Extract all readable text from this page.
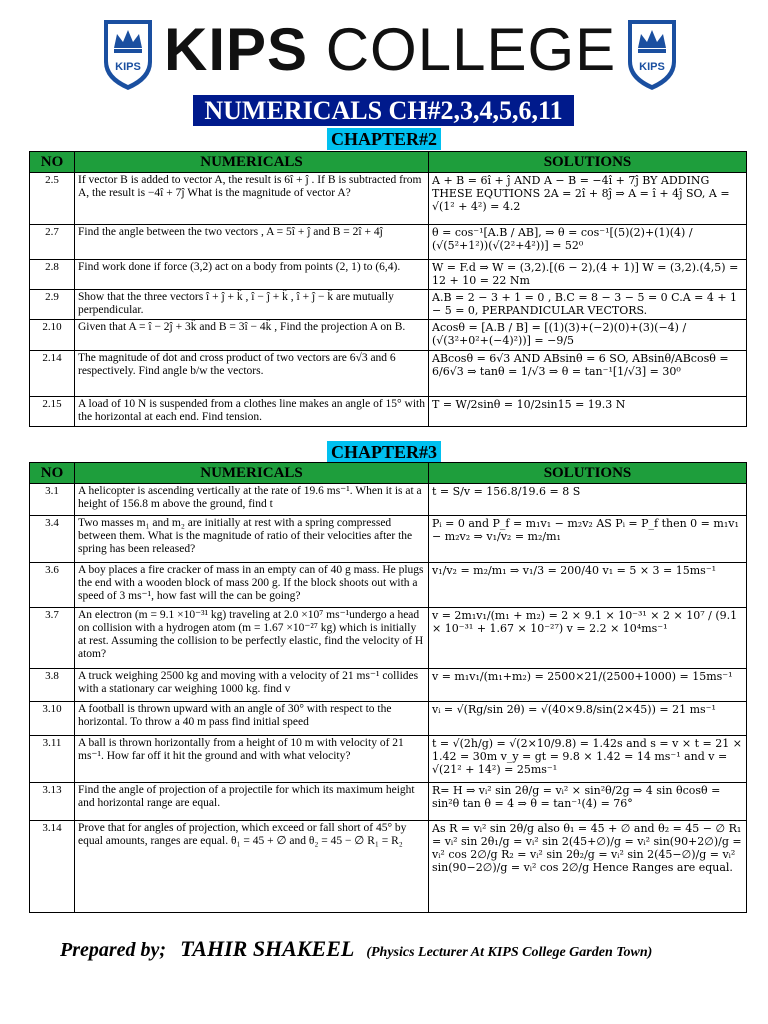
KIPS KIPS COLLEGE KIPS
NUMERICALS CH#2,3,4,5,6,11
CHAPTER#2
NO	NUMERICALS	SOLUTIONS
2.5	If vector B is added to vector A, the result is 6î + ĵ . If B is subtracted from A, the result is −4î + 7ĵ What is the magnitude of vector A?	A + B = 6î + ĵ AND A − B = −4î + 7ĵ BY ADDING THESE EQUTIONS 2A = 2î + 8ĵ ⇒ A = î + 4ĵ SO, A = √(1² + 4²) = 4.2
2.7	Find the angle between the two vectors , A = 5î + ĵ and B = 2î + 4ĵ	θ = cos⁻¹[A.B / AB], ⇒ θ = cos⁻¹[(5)(2)+(1)(4) / (√(5²+1²))(√(2²+4²))] = 52⁰
2.8	Find work done if force (3,2) act on a body from points (2, 1) to (6,4).	W = F.d ⇒ W = (3,2).[(6 − 2),(4 + 1)] W = (3,2).(4,5) = 12 + 10 = 22 Nm
2.9	Show that the three vectors î + ĵ + k̂ , î − ĵ + k̂ , î + ĵ − k̂ are mutually perpendicular.	A.B = 2 − 3 + 1 = 0 , B.C = 8 − 3 − 5 = 0 C.A = 4 + 1 − 5 = 0, PERPANDICULAR VECTORS.
2.10	Given that A = î − 2ĵ + 3k̂ and B = 3î − 4k̂ , Find the projection A on B.	Acosθ = [A.B / B] = [(1)(3)+(−2)(0)+(3)(−4) / (√(3²+0²+(−4)²))] = −9/5
2.14	The magnitude of dot and cross product of two vectors are 6√3 and 6 respectively. Find angle b/w the vectors.	ABcosθ = 6√3 AND ABsinθ = 6 SO, ABsinθ/ABcosθ = 6/6√3 ⇒ tanθ = 1/√3 ⇒ θ = tan⁻¹[1/√3] = 30⁰
2.15	A load of 10 N is suspended from a clothes line makes an angle of 15° with the horizontal at each end. Find tension.	T = W/2sinθ = 10/2sin15 = 19.3 N
CHAPTER#3
NO	NUMERICALS	SOLUTIONS
3.1	A helicopter is ascending vertically at the rate of 19.6 ms⁻¹. When it is at a height of 156.8 m above the ground, find t	t = S/v = 156.8/19.6 = 8 S
3.4	Two masses m₁ and m₂ are initially at rest with a spring compressed between them. What is the magnitude of ratio of their velocities after the spring has been released?	Pᵢ = 0 and P_f = m₁v₁ − m₂v₂ AS Pᵢ = P_f then 0 = m₁v₁ − m₂v₂ ⇒ v₁/v₂ = m₂/m₁
3.6	A boy places a fire cracker of mass in an empty can of 40 g mass. He plugs the end with a wooden block of mass 200 g. If the block shoots out with a speed of 3 ms⁻¹, how fast will the can be going?	v₁/v₂ = m₂/m₁ ⇒ v₁/3 = 200/40 v₁ = 5 × 3 = 15ms⁻¹
3.7	An electron (m = 9.1 ×10⁻³¹ kg) traveling at 2.0 ×10⁷ ms⁻¹undergo a head on collision with a hydrogen atom (m = 1.67 ×10⁻²⁷ kg) which is initially at rest. Assuming the collision to be perfectly elastic, find the velocity of H atom?	v = 2m₁v₁/(m₁ + m₂) = 2 × 9.1 × 10⁻³¹ × 2 × 10⁷ / (9.1 × 10⁻³¹ + 1.67 × 10⁻²⁷) v = 2.2 × 10⁴ms⁻¹
3.8	A truck weighing 2500 kg and moving with a velocity of 21 ms⁻¹ collides with a stationary car weighing 1000 kg. find v	v = m₁v₁/(m₁+m₂) = 2500×21/(2500+1000) = 15ms⁻¹
3.10	A football is thrown upward with an angle of 30° with respect to the horizontal. To throw a 40 m pass find initial speed	vᵢ = √(Rg/sin 2θ) = √(40×9.8/sin(2×45)) = 21 ms⁻¹
3.11	A ball is thrown horizontally from a height of 10 m with velocity of 21 ms⁻¹. How far off it hit the ground and with what velocity?	t = √(2h/g) = √(2×10/9.8) = 1.42s and s = v × t = 21 × 1.42 = 30m v_y = gt = 9.8 × 1.42 = 14 ms⁻¹ and v = √(21² + 14²) = 25ms⁻¹
3.13	Find the angle of projection of a projectile for which its maximum height and horizontal range are equal.	R= H ⇒ vᵢ² sin 2θ/g = vᵢ² × sin²θ/2g ⇒ 4 sin θcosθ = sin²θ tan θ = 4 ⇒ θ = tan⁻¹(4) = 76°
3.14	Prove that for angles of projection, which exceed or fall short of 45° by equal amounts, ranges are equal. θ₁ = 45 + ∅ and θ₂ = 45 − ∅ R₁ = R₂	As R = vᵢ² sin 2θ/g also θ₁ = 45 + ∅ and θ₂ = 45 − ∅ R₁ = vᵢ² sin 2θ₁/g = vᵢ² sin 2(45+∅)/g = vᵢ² sin(90+2∅)/g = vᵢ² cos 2∅/g R₂ = vᵢ² sin 2θ₂/g = vᵢ² sin 2(45−∅)/g = vᵢ² sin(90−2∅)/g = vᵢ² cos 2∅/g Hence Ranges are equal.
Prepared by; TAHIR SHAKEEL (Physics Lecturer At KIPS College Garden Town)
